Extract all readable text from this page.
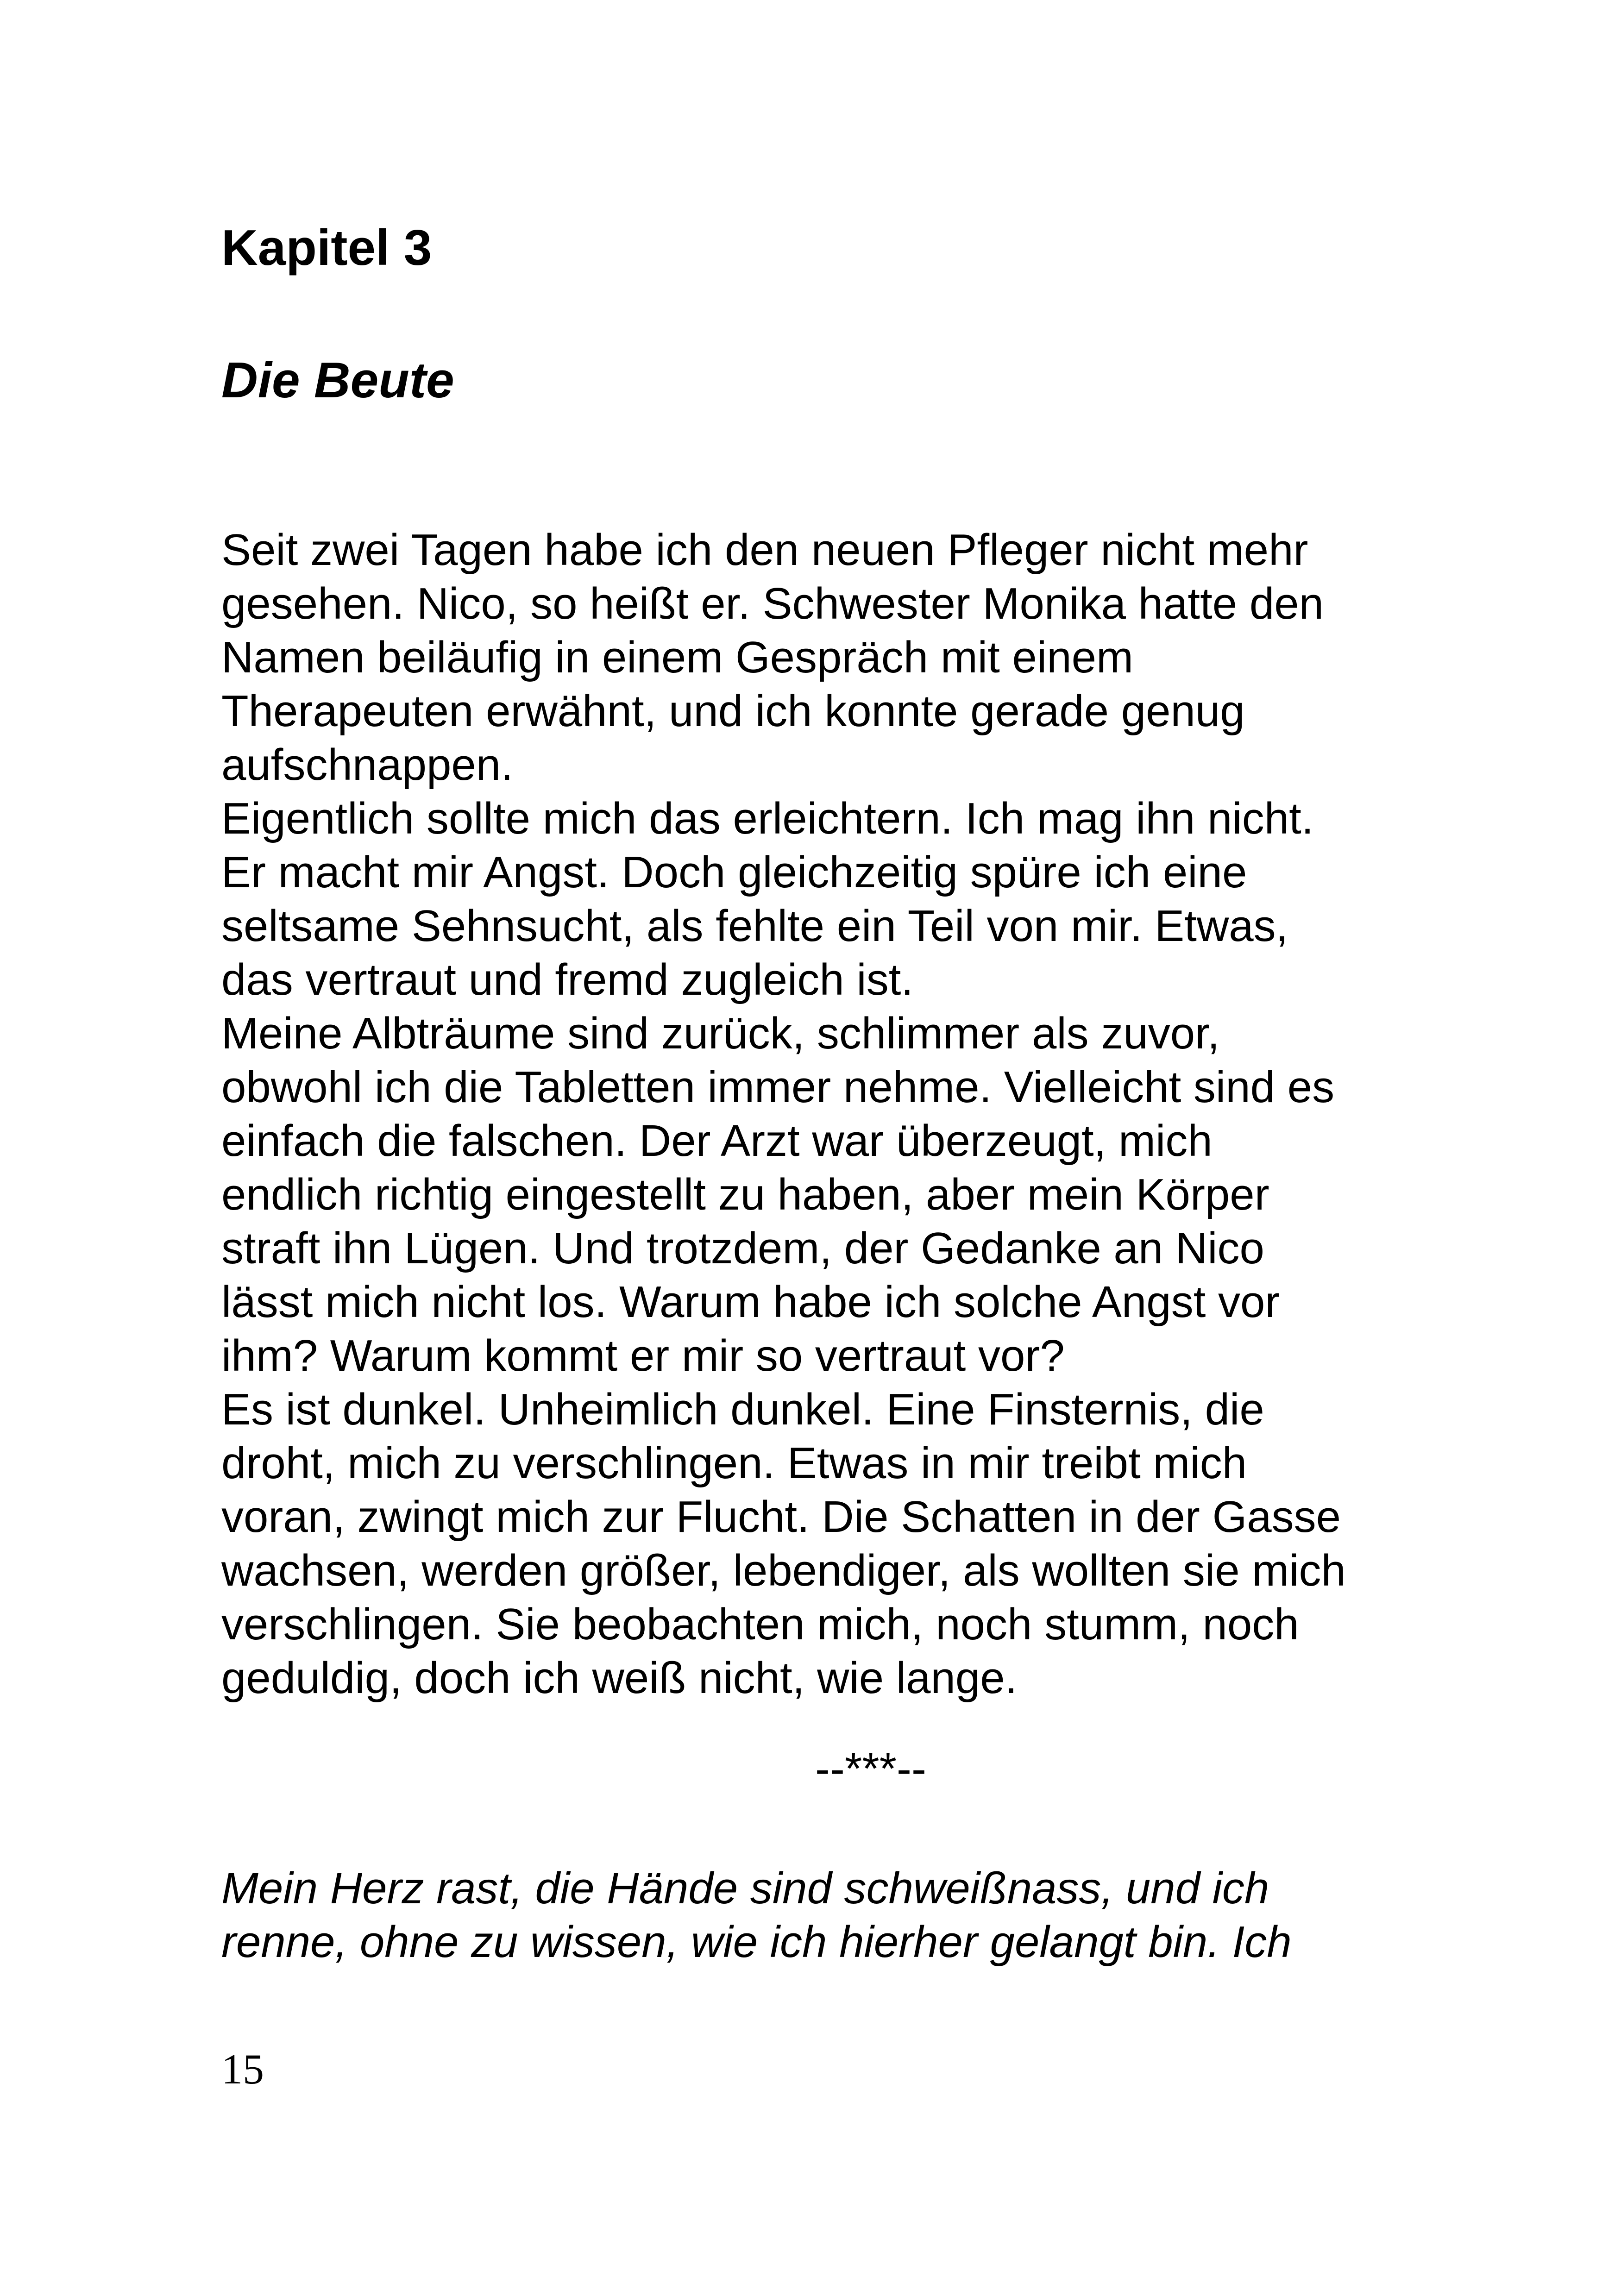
Kapitel 3
Die Beute
Seit zwei Tagen habe ich den neuen Pfleger nicht mehr
gesehen. Nico, so heißt er. Schwester Monika hatte den
Namen beiläufig in einem Gespräch mit einem
Therapeuten erwähnt, und ich konnte gerade genug
aufschnappen.
Eigentlich sollte mich das erleichtern. Ich mag ihn nicht.
Er macht mir Angst. Doch gleichzeitig spüre ich eine
seltsame Sehnsucht, als fehlte ein Teil von mir. Etwas,
das vertraut und fremd zugleich ist.
Meine Albträume sind zurück, schlimmer als zuvor,
obwohl ich die Tabletten immer nehme. Vielleicht sind es
einfach die falschen. Der Arzt war überzeugt, mich
endlich richtig eingestellt zu haben, aber mein Körper
straft ihn Lügen. Und trotzdem, der Gedanke an Nico
lässt mich nicht los. Warum habe ich solche Angst vor
ihm? Warum kommt er mir so vertraut vor?
Es ist dunkel. Unheimlich dunkel. Eine Finsternis, die
droht, mich zu verschlingen. Etwas in mir treibt mich
voran, zwingt mich zur Flucht. Die Schatten in der Gasse
wachsen, werden größer, lebendiger, als wollten sie mich
verschlingen. Sie beobachten mich, noch stumm, noch
geduldig, doch ich weiß nicht, wie lange.
--***--
Mein Herz rast, die Hände sind schweißnass, und ich
renne, ohne zu wissen, wie ich hierher gelangt bin. Ich
15
